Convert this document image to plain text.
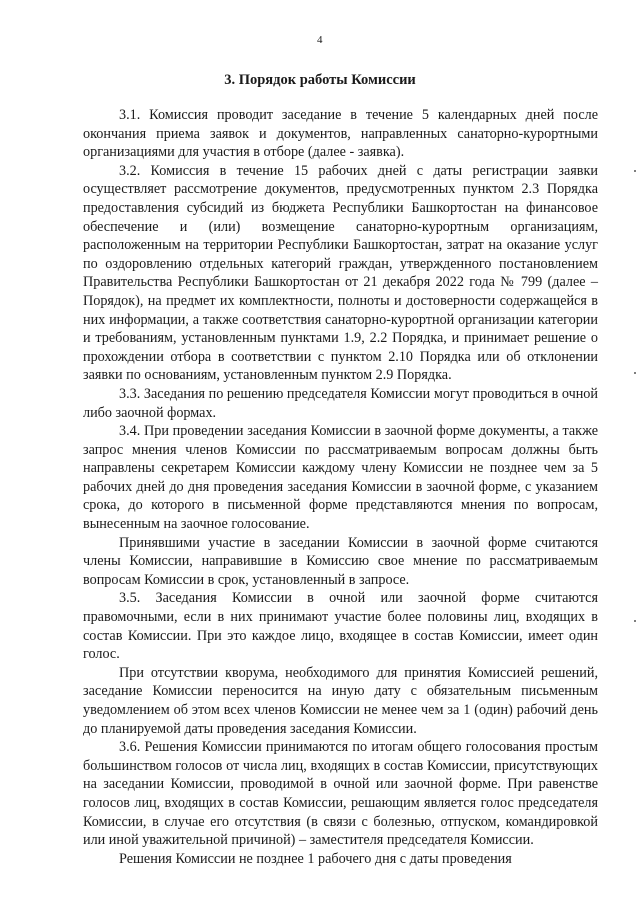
4
3. Порядок работы Комиссии

3.1. Комиссия проводит заседание в течение 5 календарных дней после окончания приема заявок и документов, направленных санаторно-курортными организациями для участия в отборе (далее - заявка).

3.2. Комиссия в течение 15 рабочих дней с даты регистрации заявки осуществляет рассмотрение документов, предусмотренных пунктом 2.3 Порядка предоставления субсидий из бюджета Республики Башкортостан на финансовое обеспечение и (или) возмещение санаторно-курортным организациям, расположенным на территории Республики Башкортостан, затрат на оказание услуг по оздоровлению отдельных категорий граждан, утвержденного постановлением Правительства Республики Башкортостан от 21 декабря 2022 года № 799 (далее – Порядок), на предмет их комплектности, полноты и достоверности содержащейся в них информации, а также соответствия санаторно-курортной организации категории и требованиям, установленным пунктами 1.9, 2.2 Порядка, и принимает решение о прохождении отбора в соответствии с пунктом 2.10 Порядка или об отклонении заявки по основаниям, установленным пунктом 2.9 Порядка.

3.3. Заседания по решению председателя Комиссии могут проводиться в очной либо заочной формах.

3.4. При проведении заседания Комиссии в заочной форме документы, а также запрос мнения членов Комиссии по рассматриваемым вопросам должны быть направлены секретарем Комиссии каждому члену Комиссии не позднее чем за 5 рабочих дней до дня проведения заседания Комиссии в заочной форме, с указанием срока, до которого в письменной форме представляются мнения по вопросам, вынесенным на заочное голосование.

Принявшими участие в заседании Комиссии в заочной форме считаются члены Комиссии, направившие в Комиссию свое мнение по рассматриваемым вопросам Комиссии в срок, установленный в запросе.

3.5. Заседания Комиссии в очной или заочной форме считаются правомочными, если в них принимают участие более половины лиц, входящих в состав Комиссии. При это каждое лицо, входящее в состав Комиссии, имеет один голос.

При отсутствии кворума, необходимого для принятия Комиссией решений, заседание Комиссии переносится на иную дату с обязательным письменным уведомлением об этом всех членов Комиссии не менее чем за 1 (один) рабочий день до планируемой даты проведения заседания Комиссии.

3.6. Решения Комиссии принимаются по итогам общего голосования простым большинством голосов от числа лиц, входящих в состав Комиссии, присутствующих на заседании Комиссии, проводимой в очной или заочной форме. При равенстве голосов лиц, входящих в состав Комиссии, решающим является голос председателя Комиссии, в случае его отсутствия (в связи с болезнью, отпуском, командировкой или иной уважительной причиной) – заместителя председателя Комиссии.

Решения Комиссии не позднее 1 рабочего дня с даты проведения
